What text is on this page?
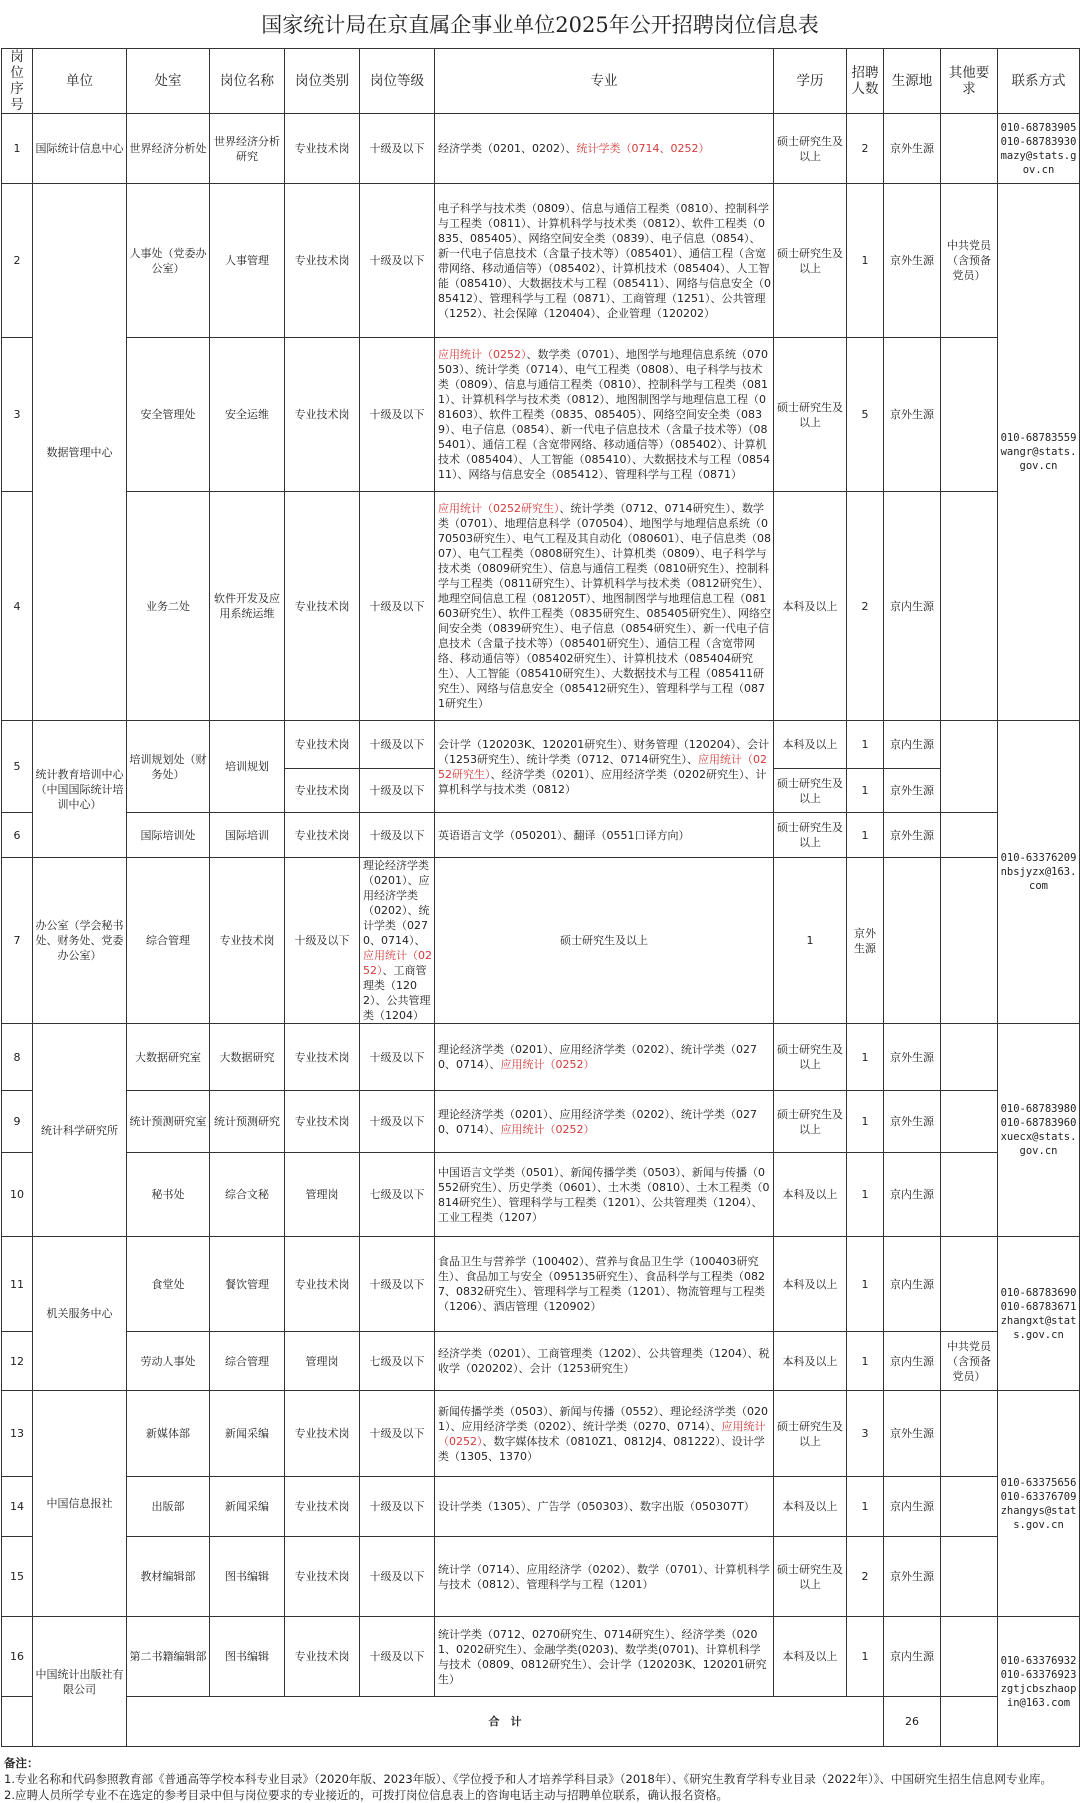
国家统计局在京直属企事业单位2025年公开招聘岗位信息表
岗位序号	单位	处室	岗位名称	岗位类别	岗位等级	专业	学历	招聘人数	生源地	其他要求	联系方式	
1	国际统计信息中心	世界经济分析处	世界经济分析研究	专业技术岗	十级及以下	经济学类（0201、0202）、统计学类（0714、0252）	硕士研究生及以上	2	京外生源		010-68783905
010-68783930
mazy@stats.gov.cn	
2	数据管理中心	人事处（党委办公室）	人事管理	专业技术岗	十级及以下	电子科学与技术类（0809）、信息与通信工程类（0810）、控制科学与工程类（0811）、计算机科学与技术类（0812）、软件工程类（0835、085405）、网络空间安全类（0839）、电子信息（0854）、新一代电子信息技术（含量子技术等）（085401）、通信工程（含宽带网络、移动通信等）（085402）、计算机技术（085404）、人工智能（085410）、大数据技术与工程（085411）、网络与信息安全（085412）、管理科学与工程（0871）、工商管理（1251）、公共管理（1252）、社会保障（120404）、企业管理（120202）	硕士研究生及以上	1	京外生源	中共党员（含预备党员）	010-68783559
wangr@stats.gov.cn	
3		安全管理处	安全运维	专业技术岗	十级及以下	应用统计（0252）、数学类（0701）、地图学与地理信息系统（070503）、统计学类（0714）、电气工程类（0808）、电子科学与技术类（0809）、信息与通信工程类（0810）、控制科学与工程类（0811）、计算机科学与技术类（0812）、地图制图学与地理信息工程（081603）、软件工程类（0835、085405）、网络空间安全类（0839）、电子信息（0854）、新一代电子信息技术（含量子技术等）（085401）、通信工程（含宽带网络、移动通信等）（085402）、计算机技术（085404）、人工智能（085410）、大数据技术与工程（085411）、网络与信息安全（085412）、管理科学与工程（0871）	硕士研究生及以上	5	京外生源			
4		业务二处	软件开发及应用系统运维	专业技术岗	十级及以下	应用统计（0252研究生）、统计学类（0712、0714研究生）、数学类（0701）、地理信息科学（070504）、地图学与地理信息系统（070503研究生）、电气工程及其自动化（080601）、电子信息类（0807）、电气工程类（0808研究生）、计算机类（0809）、电子科学与技术类（0809研究生）、信息与通信工程类（0810研究生）、控制科学与工程类（0811研究生）、计算机科学与技术类（0812研究生）、地理空间信息工程（081205T）、地图制图学与地理信息工程（081603研究生）、软件工程类（0835研究生、085405研究生）、网络空间安全类（0839研究生）、电子信息（0854研究生）、新一代电子信息技术（含量子技术等）（085401研究生）、通信工程（含宽带网络、移动通信等）（085402研究生）、计算机技术（085404研究生）、人工智能（085410研究生）、大数据技术与工程（085411研究生）、网络与信息安全（085412研究生）、管理科学与工程（0871研究生）	本科及以上	2	京内生源			
5	统计教育培训中心（中国国际统计培训中心）	培训规划处（财务处）	培训规划	专业技术岗	十级及以下	会计学（120203K、120201研究生）、财务管理（120204）、会计（1253研究生）、统计学类（0712、0714研究生）、应用统计（0252研究生）、经济学类（0201）、应用经济学类（0202研究生）、计算机科学与技术类（0812）	本科及以上	1	京内生源		010-63376209
nbsjyzx@163.com	
				专业技术岗	十级及以下		硕士研究生及以上	1	京外生源			
6		国际培训处	国际培训	专业技术岗	十级及以下	英语语言文学（050201）、翻译（0551口译方向）	硕士研究生及以上	1	京外生源			
7	办公室（学会秘书处、财务处、党委办公室）	综合管理	专业技术岗	十级及以下	理论经济学类（0201）、应用经济学类（0202）、统计学类（0270、0714）、应用统计（0252）、工商管理类（1202）、公共管理类（1204）	硕士研究生及以上	1	京外生源				
8	统计科学研究所	大数据研究室	大数据研究	专业技术岗	十级及以下	理论经济学类（0201）、应用经济学类（0202）、统计学类（0270、0714）、应用统计（0252）	硕士研究生及以上	1	京外生源		010-68783980
010-68783960
xuecx@stats.gov.cn	
9		统计预测研究室	统计预测研究	专业技术岗	十级及以下	理论经济学类（0201）、应用经济学类（0202）、统计学类（0270、0714）、应用统计（0252）	硕士研究生及以上	1	京外生源			
10		秘书处	综合文秘	管理岗	七级及以下	中国语言文学类（0501）、新闻传播学类（0503）、新闻与传播（0552研究生）、历史学类（0601）、土木类（0810）、土木工程类（0814研究生）、管理科学与工程类（1201）、公共管理类（1204）、工业工程类（1207）	本科及以上	1	京内生源			
11	机关服务中心	食堂处	餐饮管理	专业技术岗	十级及以下	食品卫生与营养学（100402）、营养与食品卫生学（100403研究生）、食品加工与安全（095135研究生）、食品科学与工程类（0827、0832研究生）、管理科学与工程类（1201）、物流管理与工程类（1206）、酒店管理（120902）	本科及以上	1	京内生源		010-68783690
010-68783671
zhangxt@stats.gov.cn	
12		劳动人事处	综合管理	管理岗	七级及以下	经济学类（0201）、工商管理类（1202）、公共管理类（1204）、税收学（020202）、会计（1253研究生）	本科及以上	1	京内生源	中共党员（含预备党员）		
13	中国信息报社	新媒体部	新闻采编	专业技术岗	十级及以下	新闻传播学类（0503）、新闻与传播（0552）、理论经济学类（0201）、应用经济学类（0202）、统计学类（0270、0714）、应用统计（0252）、数字媒体技术（0810Z1、0812J4、081222）、设计学类（1305、1370）	硕士研究生及以上	3	京外生源		010-63375656
010-63376709
zhangys@stats.gov.cn	
14		出版部	新闻采编	专业技术岗	十级及以下	设计学类（1305）、广告学（050303）、数字出版（050307T）	本科及以上	1	京内生源			
15		教材编辑部	图书编辑	专业技术岗	十级及以下	统计学（0714）、应用经济学（0202）、数学（0701）、计算机科学与技术（0812）、管理科学与工程（1201）	硕士研究生及以上	2	京外生源			
16	中国统计出版社有限公司	第二书籍编辑部	图书编辑	专业技术岗	十级及以下	统计学类（0712、0270研究生、0714研究生）、经济学类（0201、0202研究生）、金融学类(0203)、数学类(0701)、计算机科学与技术（0809、0812研究生）、会计学（120203K、120201研究生）	本科及以上	1	京内生源		010-63376932
010-63376923
zgtjcbszhaopin@163.com	
		合　计							26			
备注：
1.专业名称和代码参照教育部《普通高等学校本科专业目录》（2020年版、2023年版）、《学位授予和人才培养学科目录》（2018年）、《研究生教育学科专业目录（2022年）》、中国研究生招生信息网专业库。
2.应聘人员所学专业不在选定的参考目录中但与岗位要求的专业接近的，可拨打岗位信息表上的咨询电话主动与招聘单位联系，确认报名资格。
